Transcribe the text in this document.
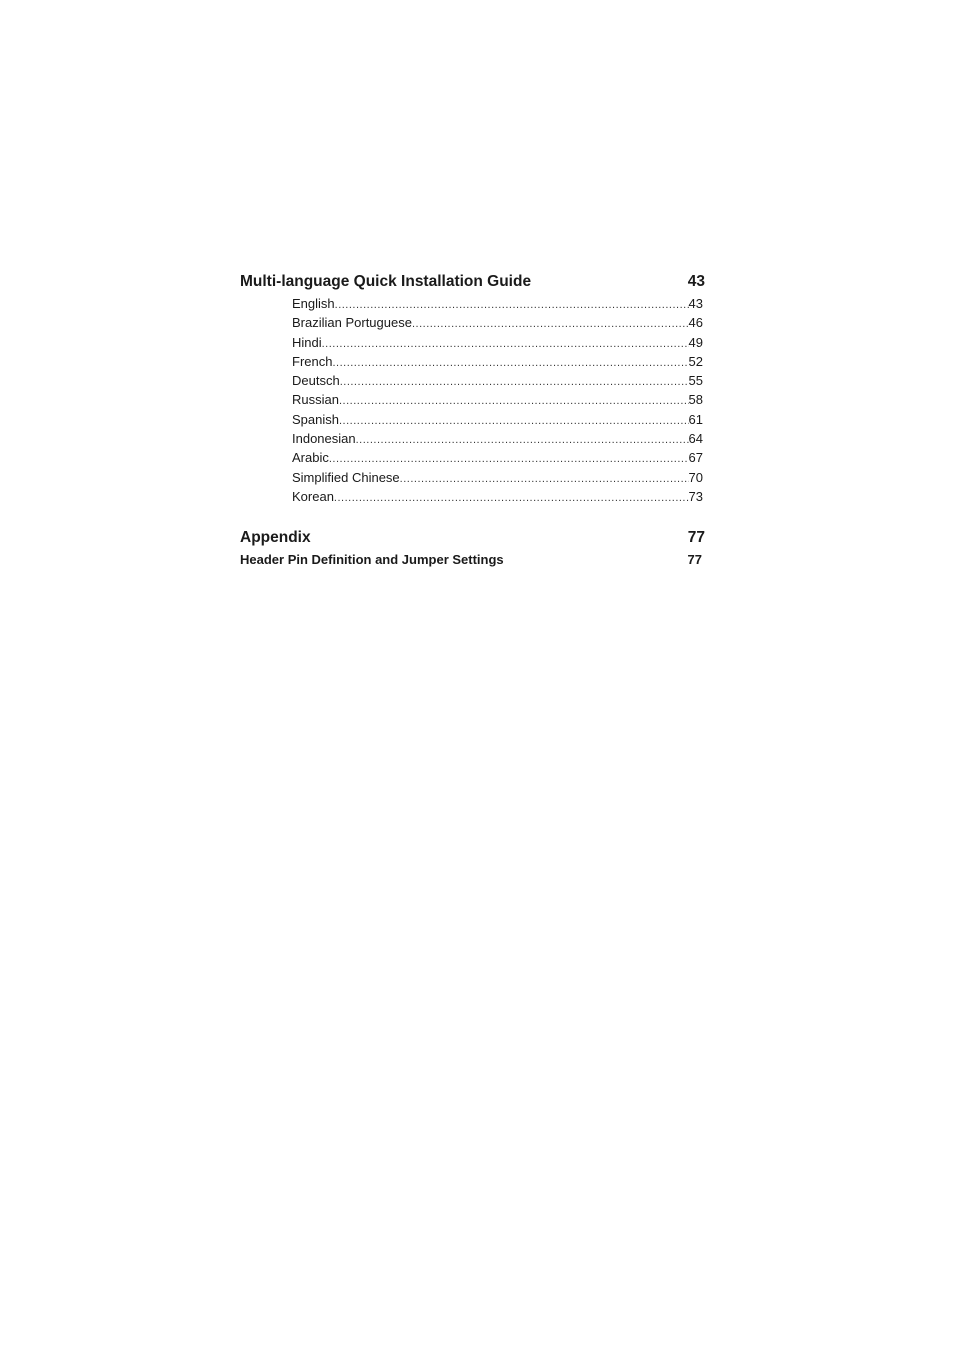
Multi-language Quick Installation Guide	43
English .....	43
Brazilian Portuguese .....	46
Hindi .....	49
French .....	52
Deutsch .....	55
Russian .....	58
Spanish .....	61
Indonesian .....	64
Arabic .....	67
Simplified Chinese .....	70
Korean .....	73
Appendix	77
Header Pin Definition and Jumper Settings	77
